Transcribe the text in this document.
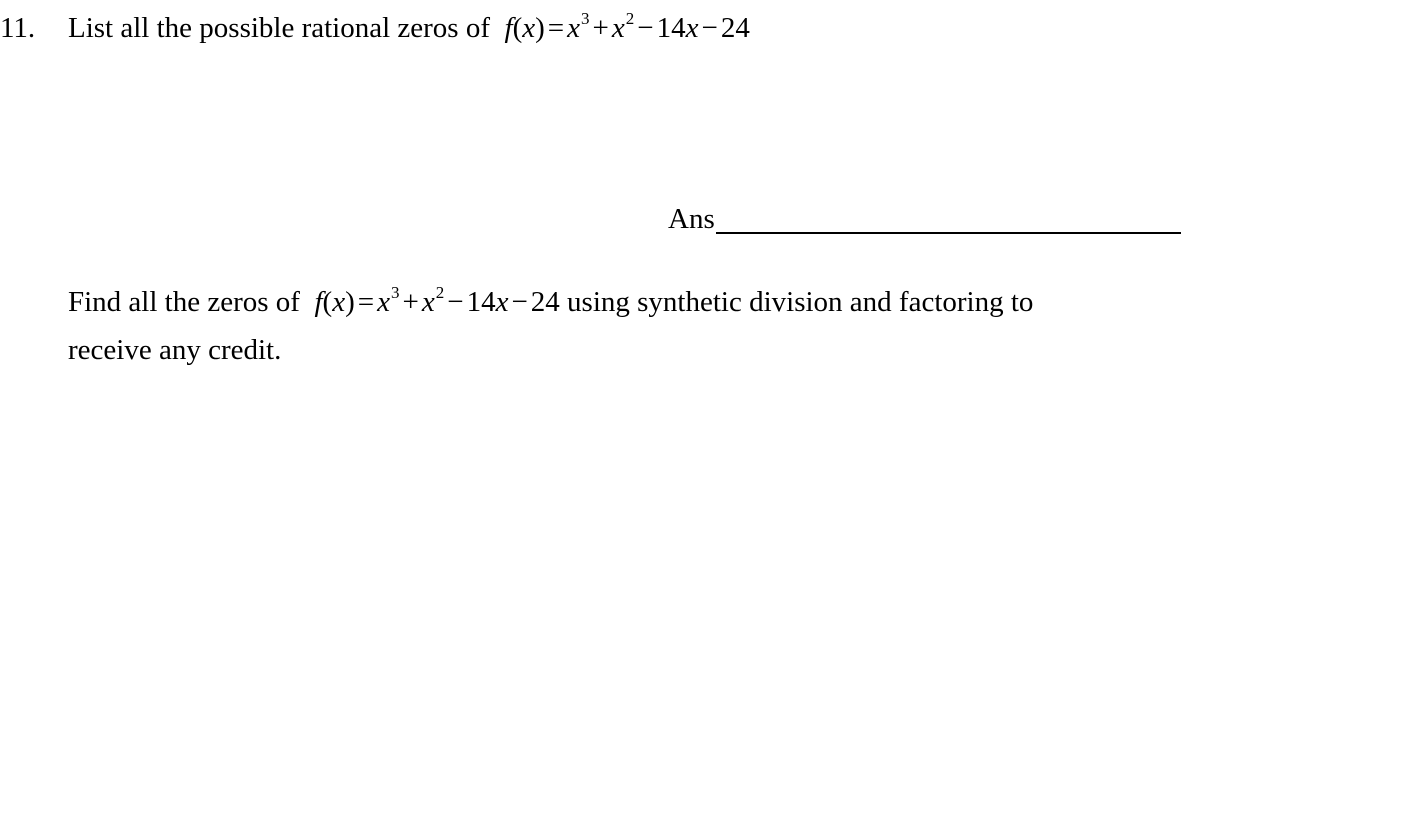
11. List all the possible rational zeros of $f(x) = x^3 + x^2 - 14x - 24$
Ans
Find all the zeros of $f(x) = x^3 + x^2 - 14x - 24$ using synthetic division and factoring to
receive any credit.
